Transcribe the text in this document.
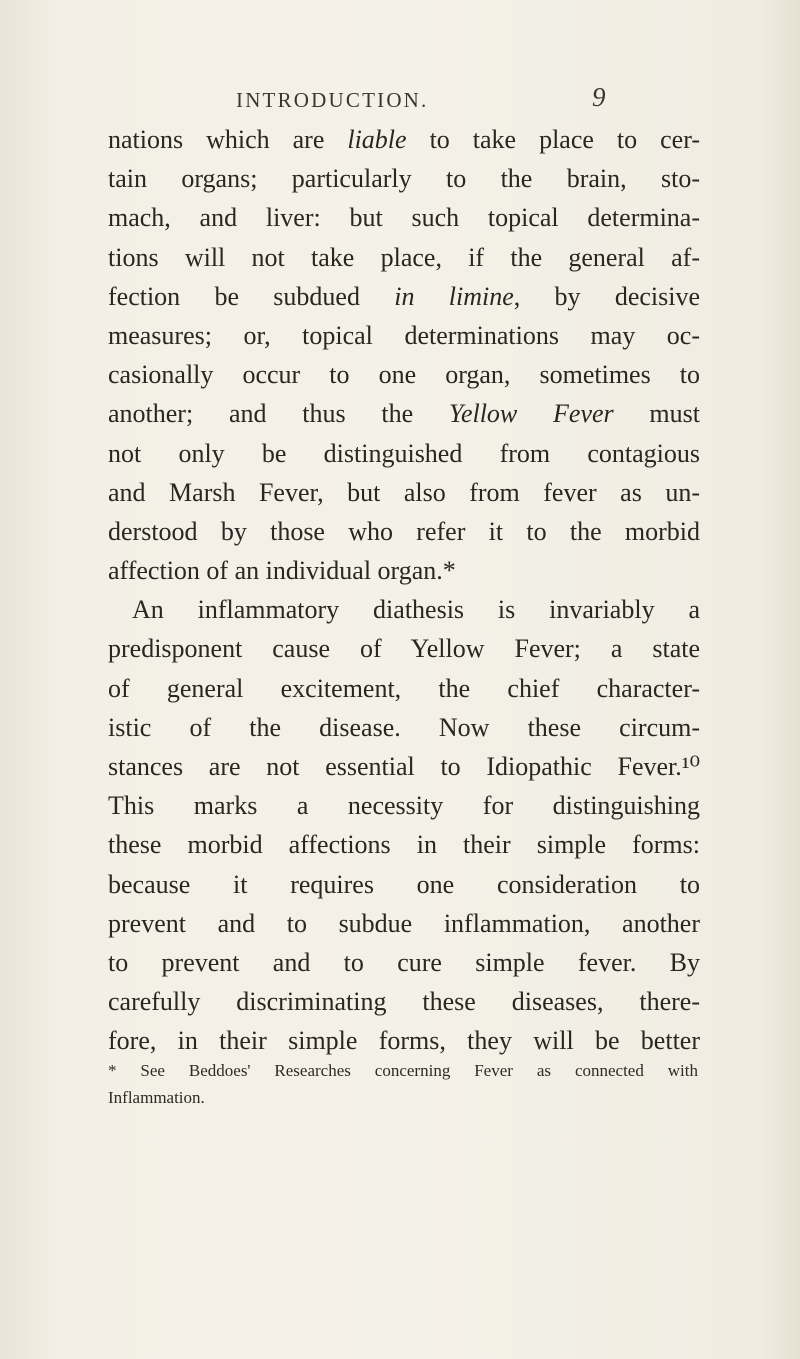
INTRODUCTION.	9
nations which are liable to take place to cer-
tain organs; particularly to the brain, sto-
mach, and liver: but such topical determina-
tions will not take place, if the general af-
fection be subdued in limine, by decisive
measures; or, topical determinations may oc-
casionally occur to one organ, sometimes to
another; and thus the Yellow Fever must
not only be distinguished from contagious
and Marsh Fever, but also from fever as un-
derstood by those who refer it to the morbid
affection of an individual organ.*
An inflammatory diathesis is invariably a
predisponent cause of Yellow Fever; a state
of general excitement, the chief character-
istic of the disease. Now these circum-
stances are not essential to Idiopathic Fever.¹⁰
This marks a necessity for distinguishing
these morbid affections in their simple forms:
because it requires one consideration to
prevent and to subdue inflammation, another
to prevent and to cure simple fever. By
carefully discriminating these diseases, there-
fore, in their simple forms, they will be better
* See Beddoes' Researches concerning Fever as connected with
Inflammation.
